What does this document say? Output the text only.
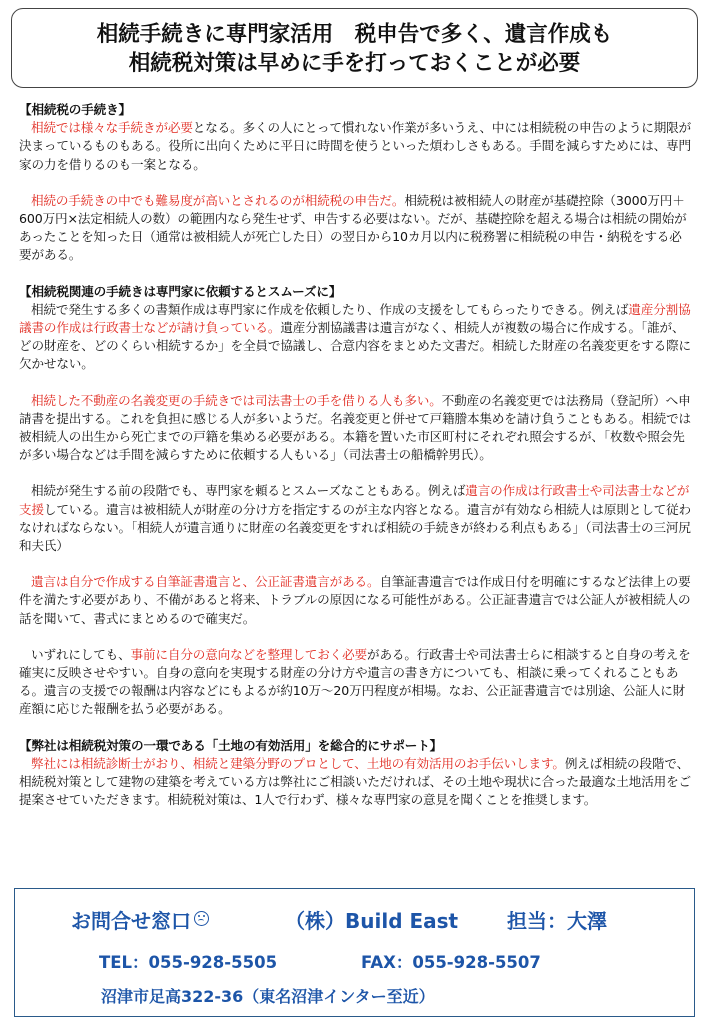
相続手続きに専門家活用　税申告で多く、遺言作成も
相続税対策は早めに手を打っておくことが必要
【相続税の手続き】

相続では様々な手続きが必要となる。多くの人にとって慣れない作業が多いうえ、中には相続税の申告のように期限が決まっているものもある。役所に出向くために平日に時間を使うといった煩わしさもある。手間を減らすためには、専門家の力を借りるのも一案となる。

相続の手続きの中でも難易度が高いとされるのが相続税の申告だ。相続税は被相続人の財産が基礎控除（3000万円＋600万円×法定相続人の数）の範囲内なら発生せず、申告する必要はない。だが、基礎控除を超える場合は相続の開始があったことを知った日（通常は被相続人が死亡した日）の翌日から10カ月以内に税務署に相続税の申告・納税をする必要がある。

【相続税関連の手続きは専門家に依頼するとスムーズに】

相続で発生する多くの書類作成は専門家に作成を依頼したり、作成の支援をしてもらったりできる。例えば遺産分割協議書の作成は行政書士などが請け負っている。遺産分割協議書は遺言がなく、相続人が複数の場合に作成する。「誰が、どの財産を、どのくらい相続するか」を全員で協議し、合意内容をまとめた文書だ。相続した財産の名義変更をする際に欠かせない。

相続した不動産の名義変更の手続きでは司法書士の手を借りる人も多い。不動産の名義変更では法務局（登記所）へ申請書を提出する。これを負担に感じる人が多いようだ。名義変更と併せて戸籍謄本集めを請け負うこともある。相続では被相続人の出生から死亡までの戸籍を集める必要がある。本籍を置いた市区町村にそれぞれ照会するが、「枚数や照会先が多い場合などは手間を減らすために依頼する人もいる」（司法書士の船橋幹男氏）。

相続が発生する前の段階でも、専門家を頼るとスムーズなこともある。例えば遺言の作成は行政書士や司法書士などが支援している。遺言は被相続人が財産の分け方を指定するのが主な内容となる。遺言が有効なら相続人は原則として従わなければならない。「相続人が遺言通りに財産の名義変更をすれば相続の手続きが終わる利点もある」（司法書士の三河尻和夫氏）

遺言は自分で作成する自筆証書遺言と、公正証書遺言がある。自筆証書遺言では作成日付を明確にするなど法律上の要件を満たす必要があり、不備があると将来、トラブルの原因になる可能性がある。公正証書遺言では公証人が被相続人の話を聞いて、書式にまとめるので確実だ。

いずれにしても、事前に自分の意向などを整理しておく必要がある。行政書士や司法書士らに相談すると自身の考えを確実に反映させやすい。自身の意向を実現する財産の分け方や遺言の書き方についても、相談に乗ってくれることもある。遺言の支援での報酬は内容などにもよるが約10万～20万円程度が相場。なお、公正証書遺言では別途、公証人に財産額に応じた報酬を払う必要がある。

【弊社は相続税対策の一環である「土地の有効活用」を総合的にサポート】

弊社には相続診断士がおり、相続と建築分野のプロとして、土地の有効活用のお手伝いします。例えば相続の段階で、相続税対策として建物の建築を考えている方は弊社にご相談いただければ、その土地や現状に合った最適な土地活用をご提案させていただきます。相続税対策は、1人で行わず、様々な専門家の意見を聞くことを推奨します。

お問合せ窓口	（株）Build East 担当：大澤
TEL：055-928-5505	FAX：055-928-5507
沼津市足高322-36（東名沼津インター至近）
